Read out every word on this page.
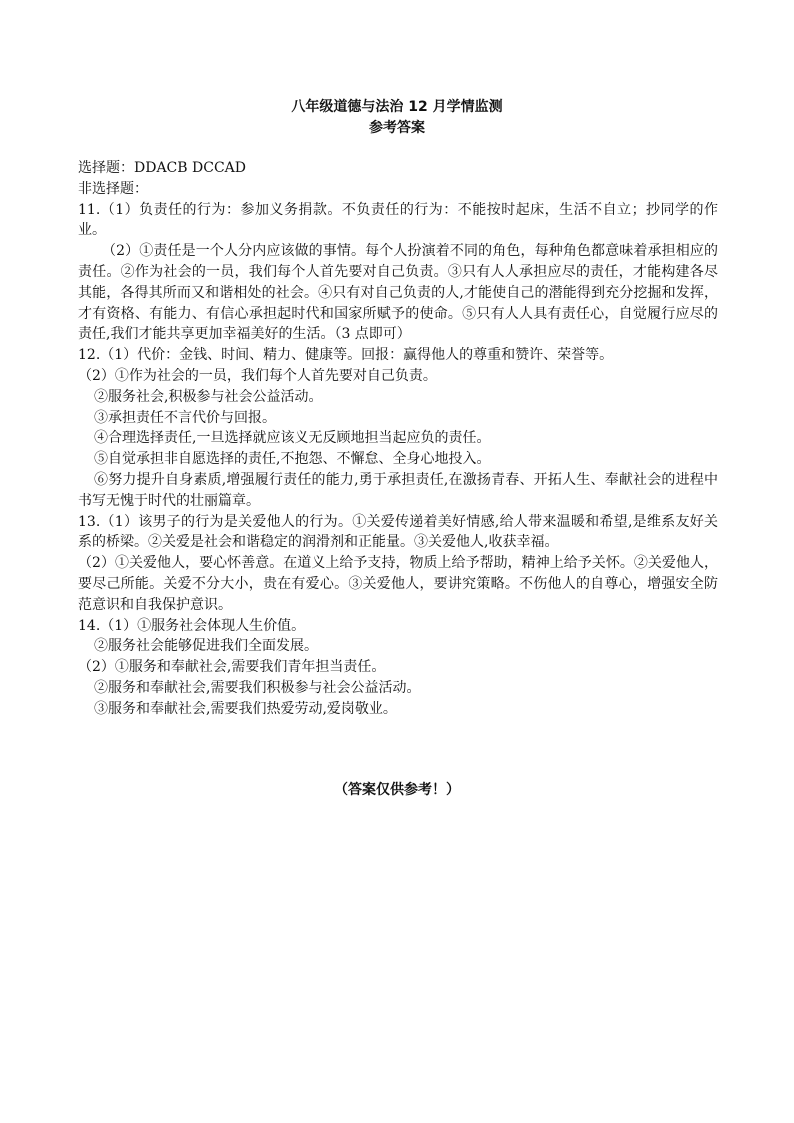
八年级道德与法治 12 月学情监测
参考答案
选择题：DDACB DCCAD
非选择题：
11.（1）负责任的行为：参加义务捐款。不负责任的行为：不能按时起床，生活不自立；抄同学的作业。
（2）①责任是一个人分内应该做的事情。每个人扮演着不同的角色，每种角色都意味着承担相应的责任。②作为社会的一员，我们每个人首先要对自己负责。③只有人人承担应尽的责任，才能构建各尽其能，各得其所而又和谐相处的社会。④只有对自己负责的人,才能使自己的潜能得到充分挖掘和发挥，才有资格、有能力、有信心承担起时代和国家所赋予的使命。⑤只有人人具有责任心，自觉履行应尽的责任,我们才能共享更加幸福美好的生活。（3 点即可）
12.（1）代价：金钱、时间、精力、健康等。回报：赢得他人的尊重和赞许、荣誉等。
（2）①作为社会的一员，我们每个人首先要对自己负责。
②服务社会,积极参与社会公益活动。
③承担责任不言代价与回报。
④合理选择责任,一旦选择就应该义无反顾地担当起应负的责任。
⑤自觉承担非自愿选择的责任,不抱怨、不懈怠、全身心地投入。
⑥努力提升自身素质,增强履行责任的能力,勇于承担责任,在激扬青春、开拓人生、奉献社会的进程中书写无愧于时代的壮丽篇章。
13.（1）该男子的行为是关爱他人的行为。①关爱传递着美好情感,给人带来温暖和希望,是维系友好关系的桥梁。②关爱是社会和谐稳定的润滑剂和正能量。③关爱他人,收获幸福。
（2）①关爱他人，要心怀善意。在道义上给予支持，物质上给予帮助，精神上给予关怀。②关爱他人，要尽己所能。关爱不分大小，贵在有爱心。③关爱他人，要讲究策略。不伤他人的自尊心，增强安全防范意识和自我保护意识。
14.（1）①服务社会体现人生价值。
②服务社会能够促进我们全面发展。
（2）①服务和奉献社会,需要我们青年担当责任。
②服务和奉献社会,需要我们积极参与社会公益活动。
③服务和奉献社会,需要我们热爱劳动,爱岗敬业。
（答案仅供参考！）
